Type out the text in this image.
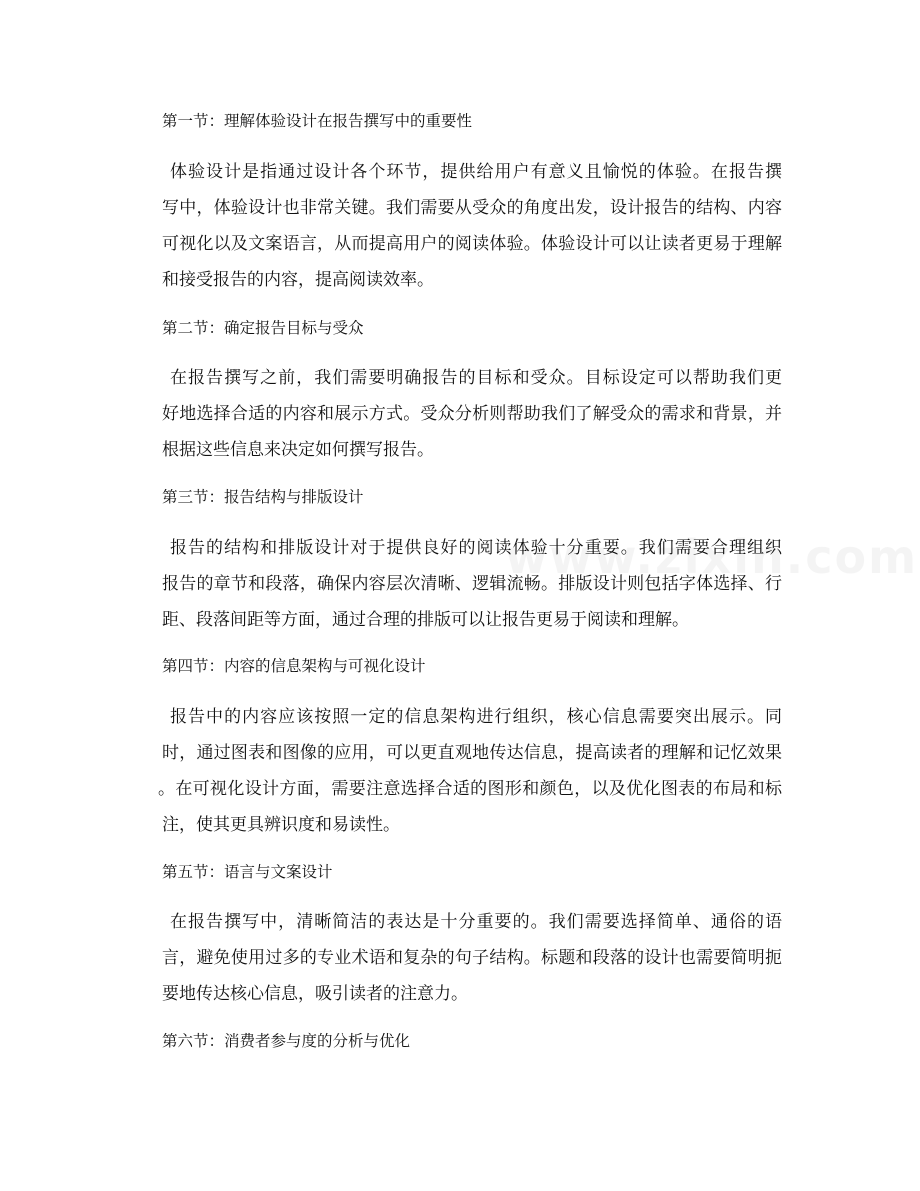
第一节：理解体验设计在报告撰写中的重要性
体验设计是指通过设计各个环节，提供给用户有意义且愉悦的体验。在报告撰
写中，体验设计也非常关键。我们需要从受众的角度出发，设计报告的结构、内容
可视化以及文案语言，从而提高用户的阅读体验。体验设计可以让读者更易于理解
和接受报告的内容，提高阅读效率。
第二节：确定报告目标与受众
在报告撰写之前，我们需要明确报告的目标和受众。目标设定可以帮助我们更
好地选择合适的内容和展示方式。受众分析则帮助我们了解受众的需求和背景，并
根据这些信息来决定如何撰写报告。
第三节：报告结构与排版设计
报告的结构和排版设计对于提供良好的阅读体验十分重要。我们需要合理组织
报告的章节和段落，确保内容层次清晰、逻辑流畅。排版设计则包括字体选择、行
距、段落间距等方面，通过合理的排版可以让报告更易于阅读和理解。
第四节：内容的信息架构与可视化设计
报告中的内容应该按照一定的信息架构进行组织，核心信息需要突出展示。同
时，通过图表和图像的应用，可以更直观地传达信息，提高读者的理解和记忆效果
。在可视化设计方面，需要注意选择合适的图形和颜色，以及优化图表的布局和标
注，使其更具辨识度和易读性。
第五节：语言与文案设计
在报告撰写中，清晰简洁的表达是十分重要的。我们需要选择简单、通俗的语
言，避免使用过多的专业术语和复杂的句子结构。标题和段落的设计也需要简明扼
要地传达核心信息，吸引读者的注意力。
第六节：消费者参与度的分析与优化
